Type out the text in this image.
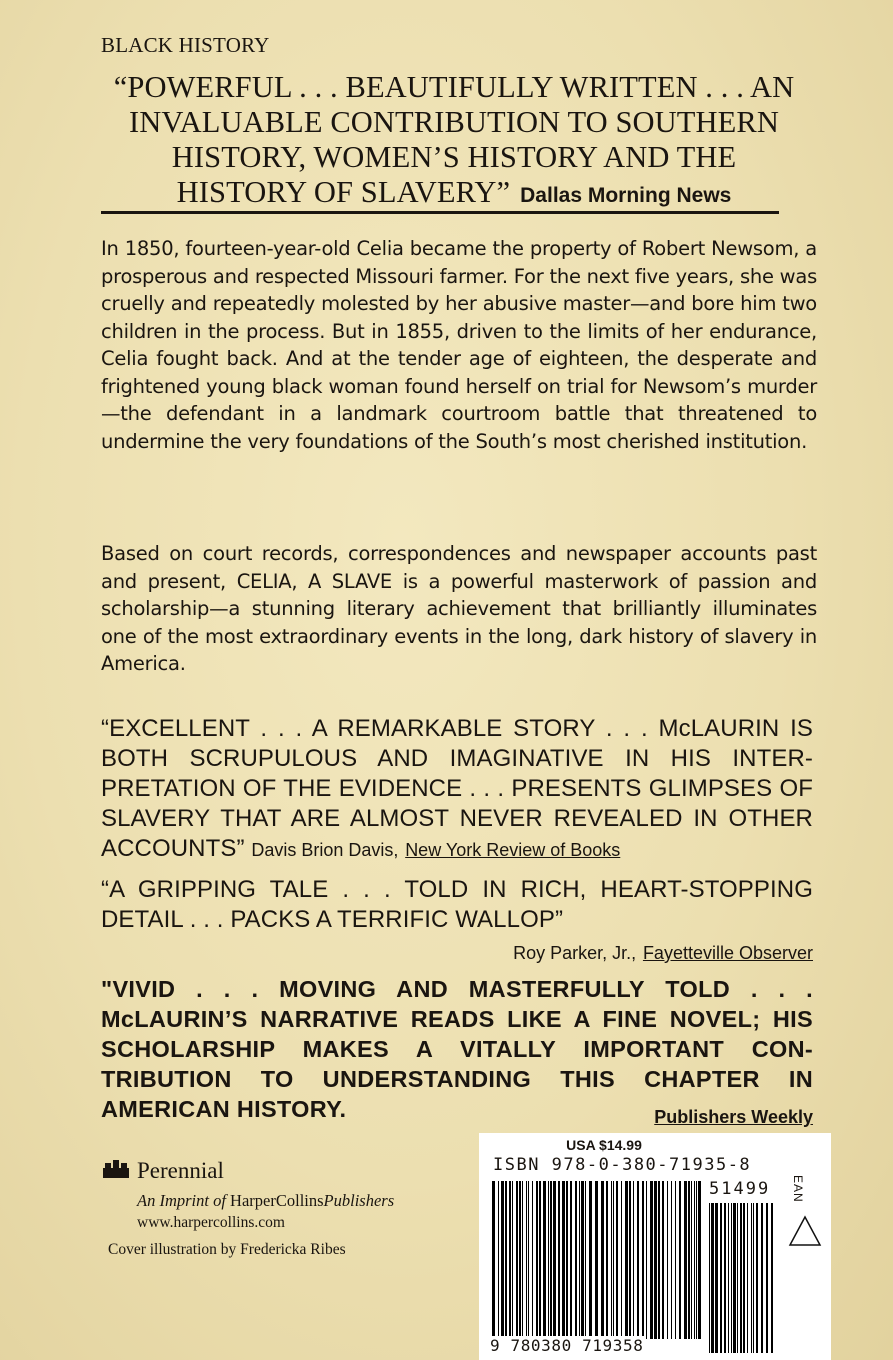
BLACK HISTORY
“POWERFUL . . . BEAUTIFULLY WRITTEN . . . AN
INVALUABLE CONTRIBUTION TO SOUTHERN
HISTORY, WOMEN’S HISTORY AND THE
HISTORY OF SLAVERY” Dallas Morning News
In 1850, fourteen-year-old Celia became the property of Robert Newsom, a prosperous and respected Missouri farmer. For the next five years, she was cruelly and repeatedly molested by her abusive master—and bore him two children in the process. But in 1855, driven to the limits of her endurance, Celia fought back. And at the tender age of eighteen, the desperate and frightened young black woman found herself on trial for Newsom’s murder—the defendant in a landmark courtroom battle that threatened to undermine the very foundations of the South’s most cherished institution.
Based on court records, correspondences and newspaper accounts past and present, CELIA, A SLAVE is a powerful masterwork of passion and scholarship—a stunning literary achievement that brilliantly illuminates one of the most extraordinary events in the long, dark history of slavery in America.
“EXCELLENT . . . A REMARKABLE STORY . . . McLAURIN IS BOTH SCRUPULOUS AND IMAGINATIVE IN HIS INTER-PRETATION OF THE EVIDENCE . . . PRESENTS GLIMPSES OF SLAVERY THAT ARE ALMOST NEVER REVEALED IN OTHER ACCOUNTS” Davis Brion Davis, New York Review of Books
“A GRIPPING TALE . . . TOLD IN RICH, HEART-STOPPING DETAIL . . . PACKS A TERRIFIC WALLOP”
Roy Parker, Jr., Fayetteville Observer
"VIVID . . . MOVING AND MASTERFULLY TOLD . . . McLAURIN’S NARRATIVE READS LIKE A FINE NOVEL; HIS SCHOLARSHIP MAKES A VITALLY IMPORTANT CON-TRIBUTION TO UNDERSTANDING THIS CHAPTER IN AMERICAN HISTORY.	Publishers Weekly
Perennial
An Imprint of HarperCollinsPublishers
www.harpercollins.com
Cover illustration by Fredericka Ribes
USA $14.99
ISBN 978-0-380-71935-8
9 780380 719358
51499 EAN
